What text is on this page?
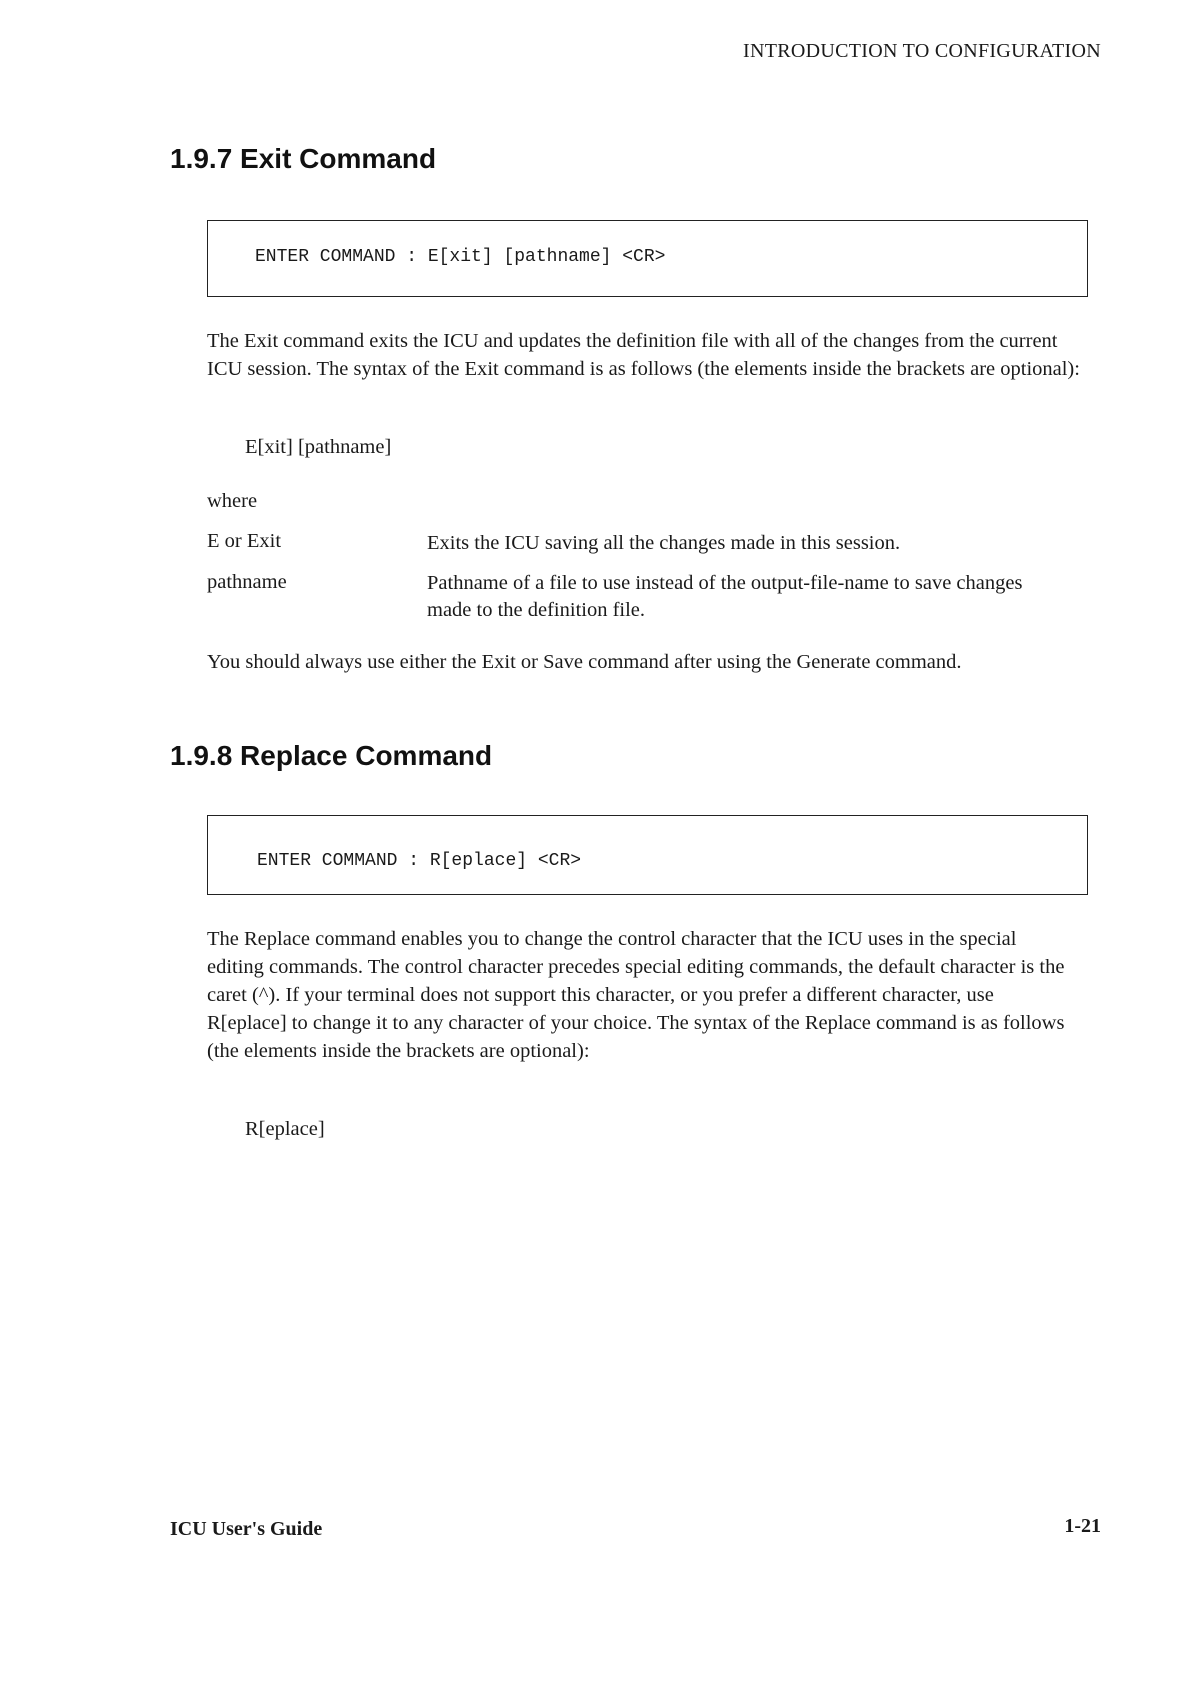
INTRODUCTION TO CONFIGURATION
1.9.7 Exit Command
ENTER COMMAND : E[xit] [pathname] <CR>

The Exit command exits the ICU and updates the definition file with all of the changes from the current ICU session. The syntax of the Exit command is as follows (the elements inside the brackets are optional):

E[xit] [pathname]
where
E or Exit	Exits the ICU saving all the changes made in this session.
pathname	Pathname of a file to use instead of the output-file-name to save changes made to the definition file.
You should always use either the Exit or Save command after using the Generate command.
1.9.8 Replace Command
ENTER COMMAND : R[eplace] <CR>

The Replace command enables you to change the control character that the ICU uses in the special editing commands. The control character precedes special editing commands, the default character is the caret (^). If your terminal does not support this character, or you prefer a different character, use R[eplace] to change it to any character of your choice. The syntax of the Replace command is as follows (the elements inside the brackets are optional):

R[eplace]
ICU User's Guide	1-21
